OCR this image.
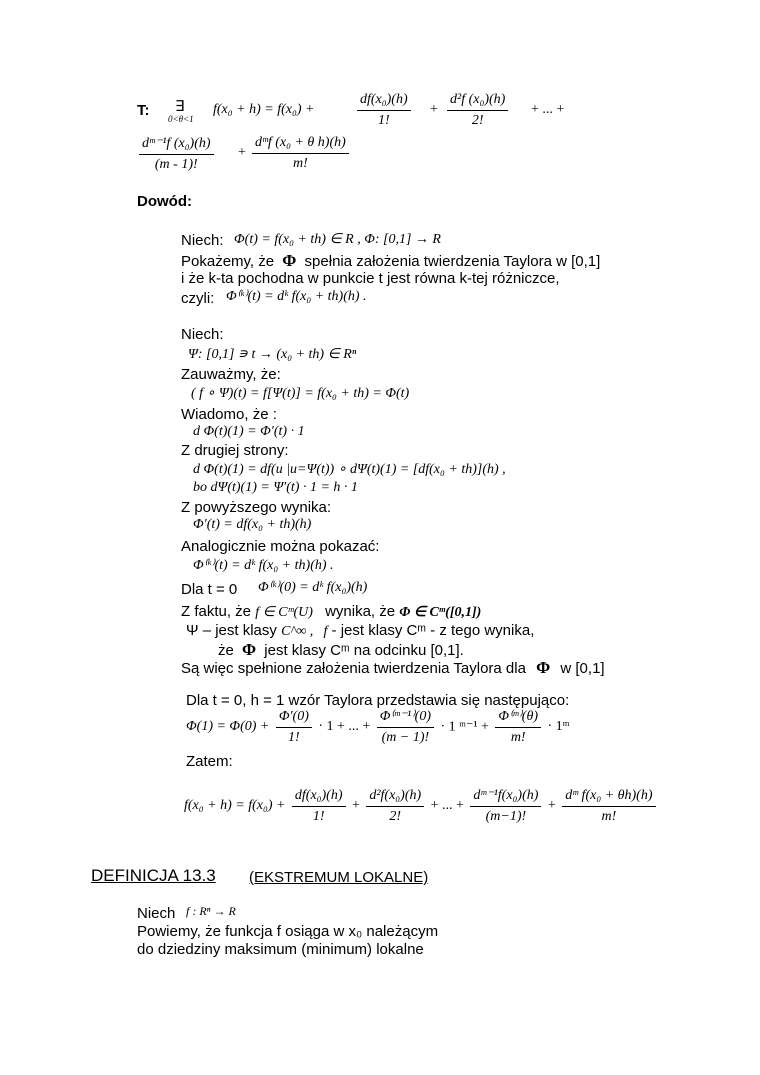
T:	∃
0<θ<1
f(x₀ + h) = f(x₀) +	$\frac{\text{df(x₀)(h)}}{1!} + \frac{\text{d²f (x₀)(h)}}{2!}$ + ... +
$\frac{\text{dᵐ⁻¹f (x₀)(h)}}{(m - 1)!} + \frac{\text{dᵐf (x₀ + θ h)(h)}}{m!}$
Dowód:
Niech: Φ(t) = f(x₀ + th) ∈ R , Φ: [0,1] → R
Pokażemy, że Φ spełnia założenia twierdzenia Taylora w [0,1]
i że k-ta pochodna w punkcie t jest równa k-tej różniczce,
czyli: Φ⁽ᵏ⁾(t) = dᵏ f(x₀ + th)(h) .
Niech:
Ψ: [0,1] ∍ t → (x₀ + th) ∈ Rⁿ
Zauważmy, że:
( f ∘ Ψ)(t) = f[Ψ(t)] = f(x₀ + th) = Φ(t)
Wiadomo, że :
d Φ(t)(1) = Φ′(t) · 1
Z drugiej strony:
d Φ(t)(1) = df(u |u=Ψ(t)) ∘ dΨ(t)(1) = [df(x₀ + th)](h) ,
bo dΨ(t)(1) = Ψ′(t) · 1 = h · 1
Z powyższego wynika:
Φ′(t) = df(x₀ + th)(h)
Analogicznie można pokazać:
Φ⁽ᵏ⁾(t) = dᵏ f(x₀ + th)(h) .
Dla t = 0 Φ⁽ᵏ⁾(0) = dᵏ f(x₀)(h)
Z faktu, że f ∈ Cᵐ(U) wynika, że Φ ∈ Cᵐ([0,1])
Ψ – jest klasy C^∞ , f - jest klasy Cᵐ - z tego wynika,
że Φ jest klasy Cᵐ na odcinku [0,1].
Są więc spełnione założenia twierdzenia Taylora dla Φ w [0,1]
Dla t = 0, h = 1 wzór Taylora przedstawia się następująco:
$\Phi(1) = \Phi(0) + \frac{\Phi'(0)}{1!} \cdot 1$ + ... + $\frac{\text{Φ⁽ᵐ⁻¹⁾(0)}}{(m - 1)!} \cdot 1$ ᵐ⁻¹ + $\frac{\text{Φ⁽ᵐ⁾(θ)}}{m!}$ · 1ᵐ
Zatem:
$f(x_0 + h) = f(x_0) + \frac{\text{df(x₀)(h)}}{1!} + \frac{\text{d²f(x₀)(h)}}{2!}$ + ... + $\frac{\text{dᵐ⁻¹f(x₀)(h)}}{(m-1)!} + \frac{\text{dᵐ f(x₀ + θh)(h)}}{m!}$
DEFINICJA 13.3 (EKSTREMUM LOKALNE)
Niech f : Rⁿ → R
Powiemy, że funkcja f osiąga w x₀ należącym
do dziedziny maksimum (minimum) lokalne
